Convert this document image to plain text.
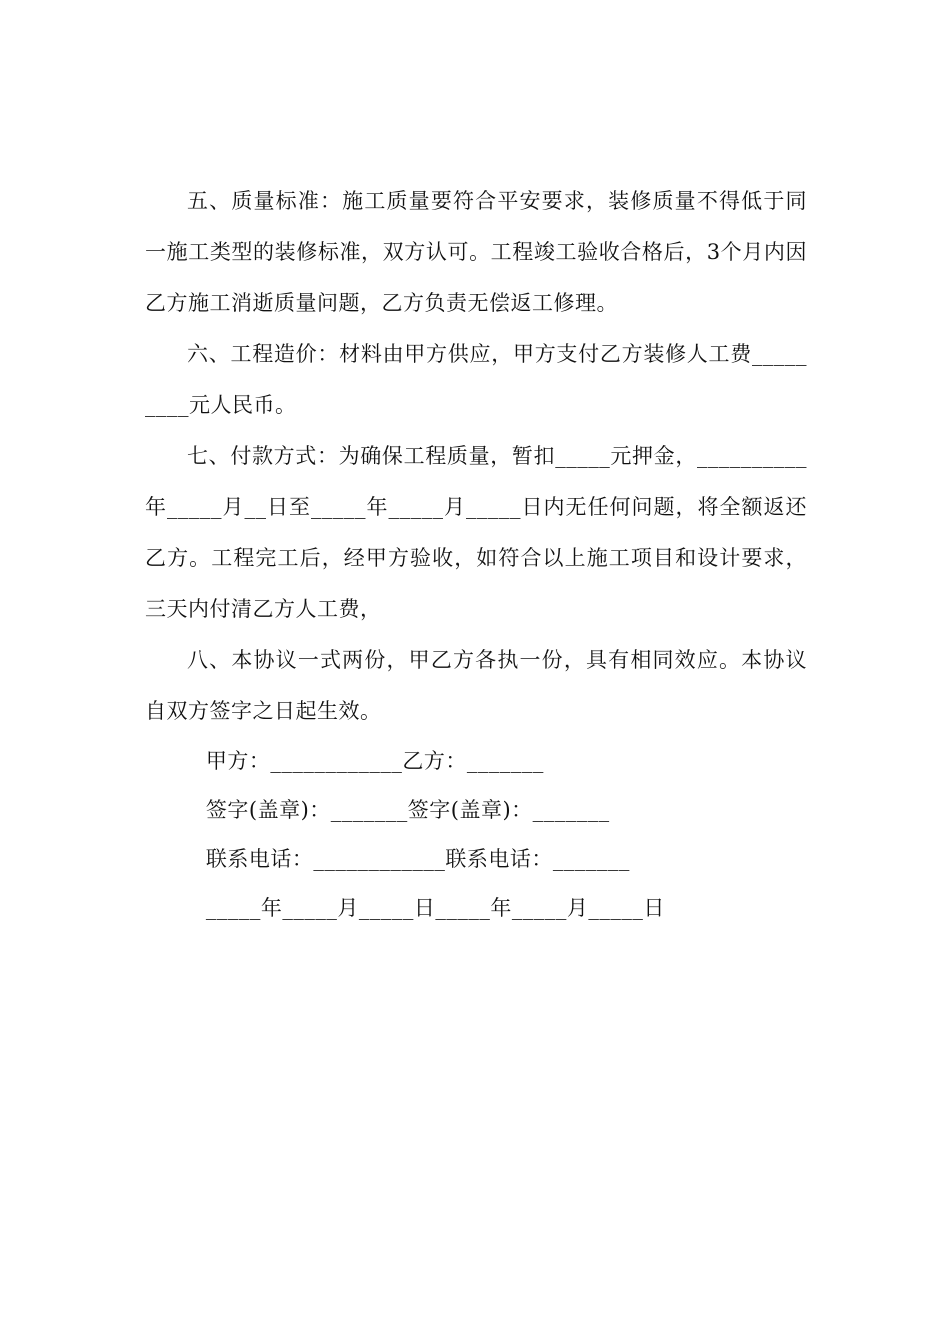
五、质量标准：施工质量要符合平安要求，装修质量不得低于同一施工类型的装修标准，双方认可。工程竣工验收合格后，3个月内因乙方施工消逝质量问题，乙方负责无偿返工修理。

六、工程造价：材料由甲方供应，甲方支付乙方装修人工费_________元人民币。

七、付款方式：为确保工程质量，暂扣_____元押金，__________年_____月__日至_____年_____月_____日内无任何问题，将全额返还乙方。工程完工后，经甲方验收，如符合以上施工项目和设计要求，三天内付清乙方人工费，

八、本协议一式两份，甲乙方各执一份，具有相同效应。本协议自双方签字之日起生效。

甲方：____________乙方：_______

签字(盖章)：_______签字(盖章)：_______

联系电话：____________联系电话：_______

_____年_____月_____日_____年_____月_____日
